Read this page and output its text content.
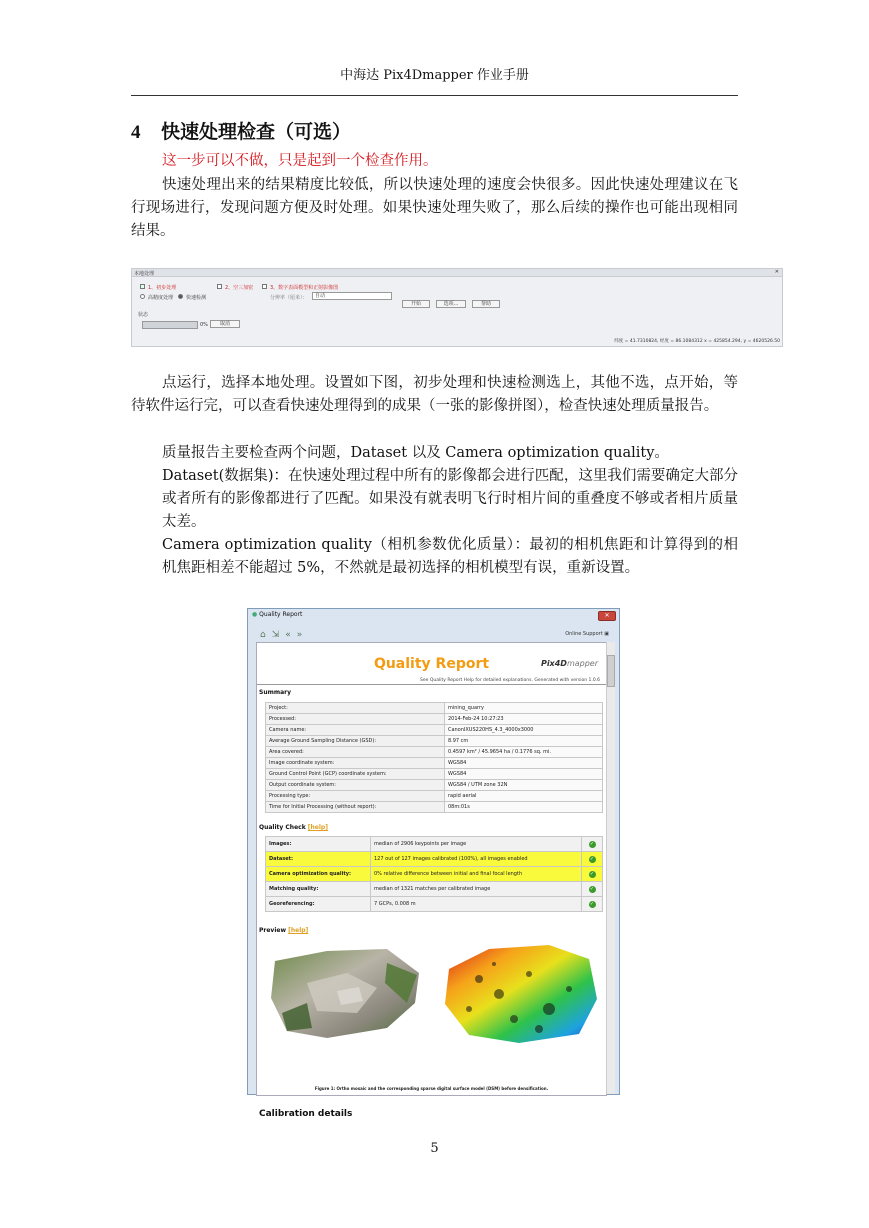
中海达 Pix4Dmapper 作业手册
4 快速处理检查（可选）
这一步可以不做，只是起到一个检查作用。
快速处理出来的结果精度比较低，所以快速处理的速度会快很多。因此快速处理建议在飞行现场进行，发现问题方便及时处理。如果快速处理失败了，那么后续的操作也可能出现相同结果。
本地处理	✕
1、初步处理	2、空三加密	3、数字表面模型和正射影像图
高精度处理	快速检测	分辨率（厘米）：	自动
开始	选项...	帮助
状态
0%	取消
纬度 = 41.7310824, 经度 = 86.1084312 x = 425854.294, y = 4620526.50
点运行，选择本地处理。设置如下图，初步处理和快速检测选上，其他不选，点开始，等待软件运行完，可以查看快速处理得到的成果（一张的影像拼图），检查快速处理质量报告。
质量报告主要检查两个问题，Dataset 以及 Camera optimization quality。
Dataset(数据集)：在快速处理过程中所有的影像都会进行匹配，这里我们需要确定大部分或者所有的影像都进行了匹配。如果没有就表明飞行时相片间的重叠度不够或者相片质量太差。
Camera optimization quality（相机参数优化质量）：最初的相机焦距和计算得到的相机焦距相差不能超过 5%，不然就是最初选择的相机模型有误，重新设置。
● Quality Report	✕
⌂⇲«»	Online Support ▣
Quality Report	Pix4Dmapper
See Quality Report Help for detailed explanations. Generated with version 1.0.6
Summary
Project:	mining_quarry
Processed:	2014-Feb-24 10:27:23
Camera name:	CanonIXUS220HS_4.3_4000x3000
Average Ground Sampling Distance (GSD):	8.97 cm
Area covered:	0.4597 km² / 45.9654 ha / 0.1776 sq. mi.
Image coordinate system:	WGS84
Ground Control Point (GCP) coordinate system:	WGS84
Output coordinate system:	WGS84 / UTM zone 32N
Processing type:	rapid aerial
Time for Initial Processing (without report):	08m:01s
Quality Check [help]
Images:	median of 2906 keypoints per image	✓
Dataset:	127 out of 127 images calibrated (100%), all images enabled	✓
Camera optimization quality:	0% relative difference between initial and final focal length	✓
Matching quality:	median of 1321 matches per calibrated image	✓
Georeferencing:	7 GCPs, 0.008 m	✓
Preview [help]
Figure 1: Ortho mosaic and the corresponding sparse digital surface model (DSM) before densification.
Calibration details
5
